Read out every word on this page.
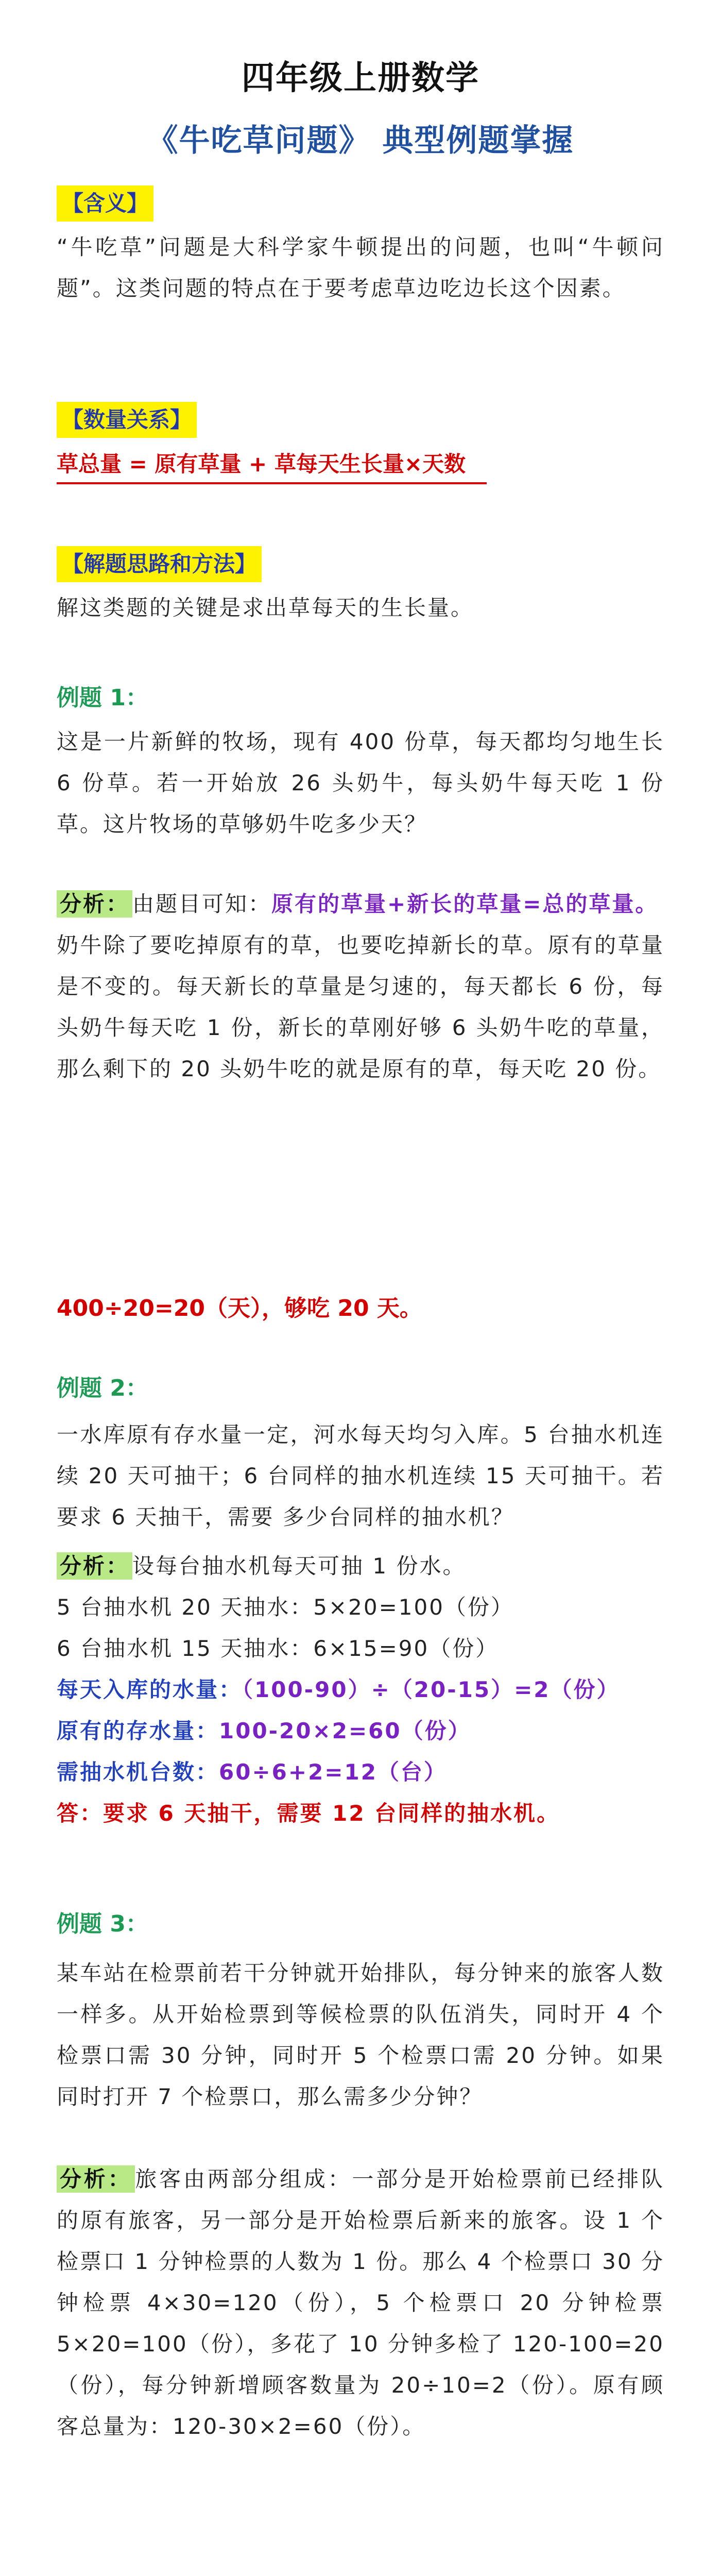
四年级上册数学
《牛吃草问题》 典型例题掌握
【含义】
“牛吃草”问题是大科学家牛顿提出的问题，也叫“牛顿问题”。这类问题的特点在于要考虑草边吃边长这个因素。
【数量关系】
草总量 = 原有草量 + 草每天生长量×天数
【解题思路和方法】
解这类题的关键是求出草每天的生长量。
例题 1：
这是一片新鲜的牧场，现有 400 份草，每天都均匀地生长 6 份草。若一开始放 26 头奶牛，每头奶牛每天吃 1 份草。这片牧场的草够奶牛吃多少天？
分析： 由题目可知：原有的草量+新长的草量=总的草量。
奶牛除了要吃掉原有的草，也要吃掉新长的草。原有的草量是不变的。每天新长的草量是匀速的，每天都长 6 份，每头奶牛每天吃 1 份，新长的草刚好够 6 头奶牛吃的草量，那么剩下的 20 头奶牛吃的就是原有的草，每天吃 20 份。
400÷20=20（天），够吃 20 天。
例题 2：
一水库原有存水量一定，河水每天均匀入库。5 台抽水机连续 20 天可抽干；6 台同样的抽水机连续 15 天可抽干。若要求 6 天抽干，需要 多少台同样的抽水机？
分析： 设每台抽水机每天可抽 1 份水。
5 台抽水机 20 天抽水：5×20=100（份）
6 台抽水机 15 天抽水：6×15=90（份）
每天入库的水量：（100-90）÷（20-15）=2（份）
原有的存水量：100-20×2=60（份）
需抽水机台数：60÷6+2=12（台）
答：要求 6 天抽干，需要 12 台同样的抽水机。
例题 3：
某车站在检票前若干分钟就开始排队，每分钟来的旅客人数一样多。从开始检票到等候检票的队伍消失，同时开 4 个检票口需 30 分钟，同时开 5 个检票口需 20 分钟。如果同时打开 7 个检票口，那么需多少分钟？
分析： 旅客由两部分组成：一部分是开始检票前已经排队的原有旅客，另一部分是开始检票后新来的旅客。设 1 个检票口 1 分钟检票的人数为 1 份。那么 4 个检票口 30 分钟检票 4×30=120（份），5 个检票口 20 分钟检票 5×20=100（份），多花了 10 分钟多检了 120-100=20（份），每分钟新增顾客数量为 20÷10=2（份）。原有顾客总量为：120-30×2=60（份）。
